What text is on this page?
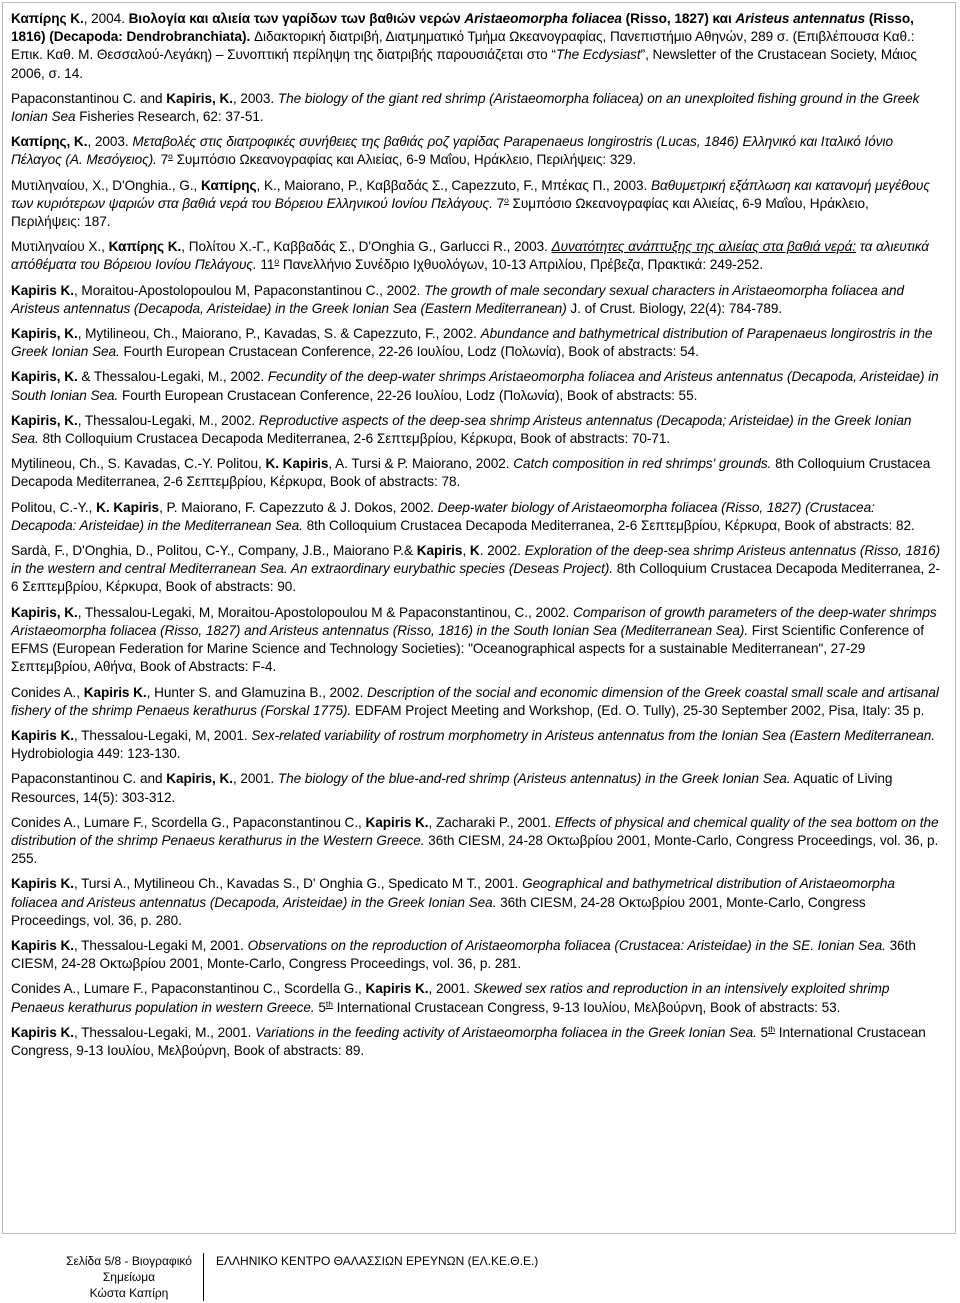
Καπίρης Κ., 2004. Βιολογία και αλιεία των γαρίδων των βαθιών νερών Aristaeomorpha foliacea (Risso, 1827) και Aristeus antennatus (Risso, 1816) (Decapoda: Dendrobranchiata). Διδακτορική διατριβή, Διατμηματικό Τμήμα Ωκεανογραφίας, Πανεπιστήμιο Αθηνών, 289 σ. (Επιβλέπουσα Καθ.: Επικ. Καθ. Μ. Θεσσαλού-Λεγάκη) – Συνοπτική περίληψη της διατριβής παρουσιάζεται στο “The Ecdysiast”, Newsletter of the Crustacean Society, Μάιος 2006, σ. 14.

Papaconstantinou C. and Kapiris, K., 2003. The biology of the giant red shrimp (Aristaeomorpha foliacea) on an unexploited fishing ground in the Greek Ionian Sea Fisheries Research, 62: 37-51.

Καπίρης, Κ., 2003. Μεταβολές στις διατροφικές συνήθειες της βαθιάς ροζ γαρίδας Parapenaeus longirostris (Lucas, 1846) Ελληνικό και Ιταλικό Ιόνιο Πέλαγος (Α. Μεσόγειος). $7^o$ Συμπόσιο Ωκεανογραφίας και Αλιείας, 6-9 Μαΐου, Ηράκλειο, Περιλήψεις: 329.

Μυτιληναίου, Χ., D'Onghia., G., Καπίρης, Κ., Maiorano, P., Καββαδάς Σ., Capezzuto, F., Μπέκας Π., 2003. Βαθυμετρική εξάπλωση και κατανομή μεγέθους των κυριότερων ψαριών στα βαθιά νερά του Βόρειου Ελληνικού Ιονίου Πελάγους. $7^o$ Συμπόσιο Ωκεανογραφίας και Αλιείας, 6-9 Μαΐου, Ηράκλειο, Περιλήψεις: 187.

Μυτιληναίου Χ., Καπίρης Κ., Πολίτου Χ.-Γ., Καββαδάς Σ., D'Onghia G., Garlucci R., 2003. Δυνατότητες ανάπτυξης της αλιείας στα βαθιά νερά: τα αλιευτικά απόθέματα του Βόρειου Ιονίου Πελάγους. $11^o$ Πανελλήνιο Συνέδριο Ιχθυολόγων, 10-13 Απριλίου, Πρέβεζα, Πρακτικά: 249-252.

Kapiris K., Moraitou-Apostolopoulou M, Papaconstantinou C., 2002. The growth of male secondary sexual characters in Aristaeomorpha foliacea and Aristeus antennatus (Decapoda, Aristeidae) in the Greek Ionian Sea (Eastern Mediterranean) J. of Crust. Biology, 22(4): 784-789.

Kapiris, K., Mytilineou, Ch., Maiorano, P., Kavadas, S. & Capezzuto, F., 2002. Abundance and bathymetrical distribution of Parapenaeus longirostris in the Greek Ionian Sea. Fourth European Crustacean Conference, 22-26 Ιουλίου, Lodz (Πολωνία), Book of abstracts: 54.

Kapiris, K. & Thessalou-Legaki, M., 2002. Fecundity of the deep-water shrimps Aristaeomorpha foliacea and Aristeus antennatus (Decapoda, Aristeidae) in South Ionian Sea. Fourth European Crustacean Conference, 22-26 Ιουλίου, Lodz (Πολωνία), Book of abstracts: 55.

Kapiris, K., Thessalou-Legaki, M., 2002. Reproductive aspects of the deep-sea shrimp Aristeus antennatus (Decapoda; Aristeidae) in the Greek Ionian Sea. 8th Colloquium Crustacea Decapoda Mediterranea, 2-6 Σεπτεμβρίου, Κέρκυρα, Book of abstracts: 70-71.

Mytilineou, Ch., S. Kavadas, C.-Y. Politou, K. Kapiris, A. Tursi & P. Maiorano, 2002. Catch composition in red shrimps' grounds. 8th Colloquium Crustacea Decapoda Mediterranea, 2-6 Σεπτεμβρίου, Κέρκυρα, Book of abstracts: 78.

Politou, C.-Y., K. Kapiris, P. Maiorano, F. Capezzuto & J. Dokos, 2002. Deep-water biology of Aristaeomorpha foliacea (Risso, 1827) (Crustacea: Decapoda: Aristeidae) in the Mediterranean Sea. 8th Colloquium Crustacea Decapoda Mediterranea, 2-6 Σεπτεμβρίου, Κέρκυρα, Book of abstracts: 82.

Sardà, F., D'Onghia, D., Politou, C-Y., Company, J.B., Maiorano P.& Kapiris, K. 2002. Exploration of the deep-sea shrimp Aristeus antennatus (Risso, 1816) in the western and central Mediterranean Sea. An extraordinary eurybathic species (Deseas Project). 8th Colloquium Crustacea Decapoda Mediterranea, 2-6 Σεπτεμβρίου, Κέρκυρα, Book of abstracts: 90.

Kapiris, K., Thessalou-Legaki, M, Moraitou-Apostolopoulou M & Papaconstantinou, C., 2002. Comparison of growth parameters of the deep-water shrimps Aristaeomorpha foliacea (Risso, 1827) and Aristeus antennatus (Risso, 1816) in the South Ionian Sea (Mediterranean Sea). First Scientific Conference of EFMS (European Federation for Marine Science and Technology Societies): "Oceanographical aspects for a sustainable Mediterranean", 27-29 Σεπτεμβρίου, Αθήνα, Book of Abstracts: F-4.

Conides A., Kapiris K., Hunter S. and Glamuzina B., 2002. Description of the social and economic dimension of the Greek coastal small scale and artisanal fishery of the shrimp Penaeus kerathurus (Forskal 1775). EDFAM Project Meeting and Workshop, (Ed. O. Tully), 25-30 September 2002, Pisa, Italy: 35 p.

Kapiris K., Thessalou-Legaki, M, 2001. Sex-related variability of rostrum morphometry in Aristeus antennatus from the Ionian Sea (Eastern Mediterranean. Hydrobiologia 449: 123-130.

Papaconstantinou C. and Kapiris, K., 2001. The biology of the blue-and-red shrimp (Aristeus antennatus) in the Greek Ionian Sea. Aquatic of Living Resources, 14(5): 303-312.

Conides A., Lumare F., Scordella G., Papaconstantinou C., Kapiris K., Zacharaki P., 2001. Effects of physical and chemical quality of the sea bottom on the distribution of the shrimp Penaeus kerathurus in the Western Greece. 36th CIESM, 24-28 Οκτωβρίου 2001, Monte-Carlo, Congress Proceedings, vol. 36, p. 255.

Kapiris K., Tursi A., Mytilineou Ch., Kavadas S., D' Onghia G., Spedicato M T., 2001. Geographical and bathymetrical distribution of Aristaeomorpha foliacea and Aristeus antennatus (Decapoda, Aristeidae) in the Greek Ionian Sea. 36th CIESM, 24-28 Οκτωβρίου 2001, Monte-Carlo, Congress Proceedings, vol. 36, p. 280.

Kapiris K., Thessalou-Legaki M, 2001. Observations on the reproduction of Aristaeomorpha foliacea (Crustacea: Aristeidae) in the SE. Ionian Sea. 36th CIESM, 24-28 Οκτωβρίου 2001, Monte-Carlo, Congress Proceedings, vol. 36, p. 281.

Conides A., Lumare F., Papaconstantinou C., Scordella G., Kapiris K., 2001. Skewed sex ratios and reproduction in an intensively exploited shrimp Penaeus kerathurus population in western Greece. 5th International Crustacean Congress, 9-13 Ιουλίου, Μελβούρνη, Book of abstracts: 53.

Kapiris K., Thessalou-Legaki, M., 2001. Variations in the feeding activity of Aristaeomorpha foliacea in the Greek Ionian Sea. 5th International Crustacean Congress, 9-13 Ιουλίου, Μελβούρνη, Book of abstracts: 89.

Σελίδα 5/8 - Βιογραφικό
Σημείωμα
Κώστα Καπίρη
ΕΛΛΗΝΙΚΟ ΚΕΝΤΡΟ ΘΑΛΑΣΣΙΩΝ ΕΡΕΥΝΩΝ (ΕΛ.ΚΕ.Θ.Ε.)
